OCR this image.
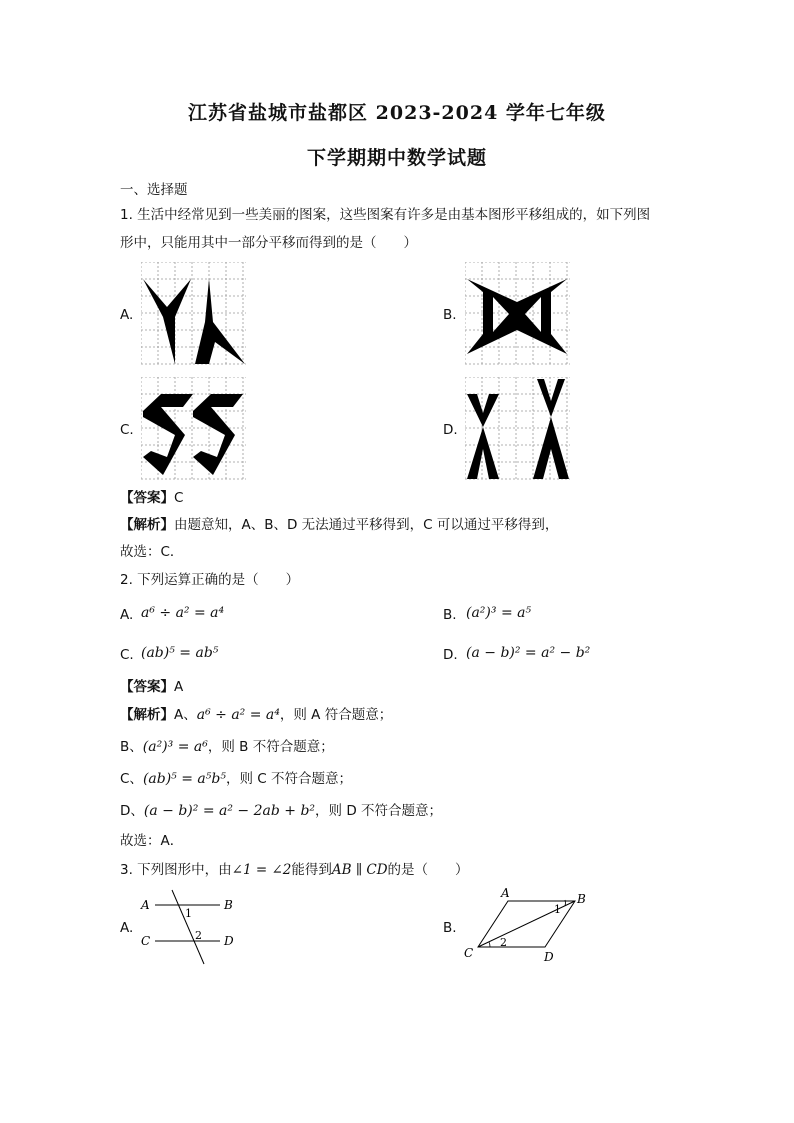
江苏省盐城市盐都区 2023-2024 学年七年级
下学期期中数学试题
一、选择题
1. 生活中经常见到一些美丽的图案，这些图案有许多是由基本图形平移组成的，如下列图
形中，只能用其中一部分平移而得到的是（　　）
A.	B.
C.	D.
【答案】C
【解析】由题意知，A、B、D 无法通过平移得到，C 可以通过平移得到，
故选：C．
2. 下列运算正确的是（　　）
A. a⁶ ÷ a² = a⁴	B. (a²)³ = a⁵
C. (ab)⁵ = ab⁵	D. (a − b)² = a² − b²
【答案】A
【解析】A、a⁶ ÷ a² = a⁴，则 A 符合题意；
B、(a²)³ = a⁶，则 B 不符合题意；
C、(ab)⁵ = a⁵b⁵，则 C 不符合题意；
D、(a − b)² = a² − 2ab + b²，则 D 不符合题意；
故选：A．
3. 下列图形中，由∠1 = ∠2能得到AB ∥ CD的是（　　）
A.
A	B
C	D
1
2	B.
A	B
C	D
1
2
